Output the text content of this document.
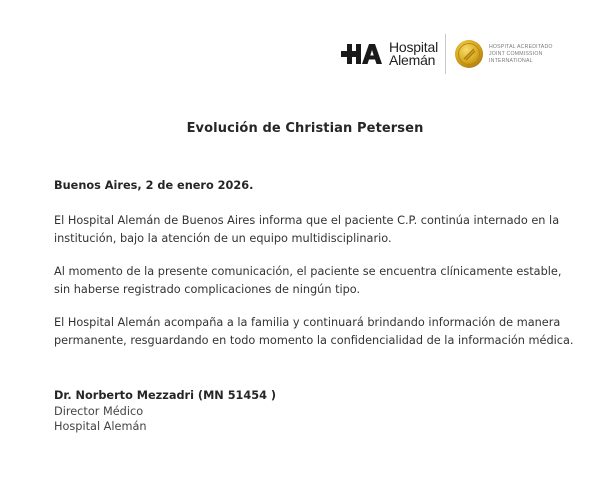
Hospital
Alemán
HOSPITAL ACREDITADO
JOINT COMMISSION
INTERNATIONAL
Evolución de Christian Petersen

Buenos Aires, 2 de enero 2026.

El Hospital Alemán de Buenos Aires informa que el paciente C.P. continúa internado en la institución, bajo la atención de un equipo multidisciplinario.

Al momento de la presente comunicación, el paciente se encuentra clínicamente estable, sin haberse registrado complicaciones de ningún tipo.

El Hospital Alemán acompaña a la familia y continuará brindando información de manera permanente, resguardando en todo momento la confidencialidad de la información médica.

Dr. Norberto Mezzadri (MN 51454 )
Director Médico
Hospital Alemán
